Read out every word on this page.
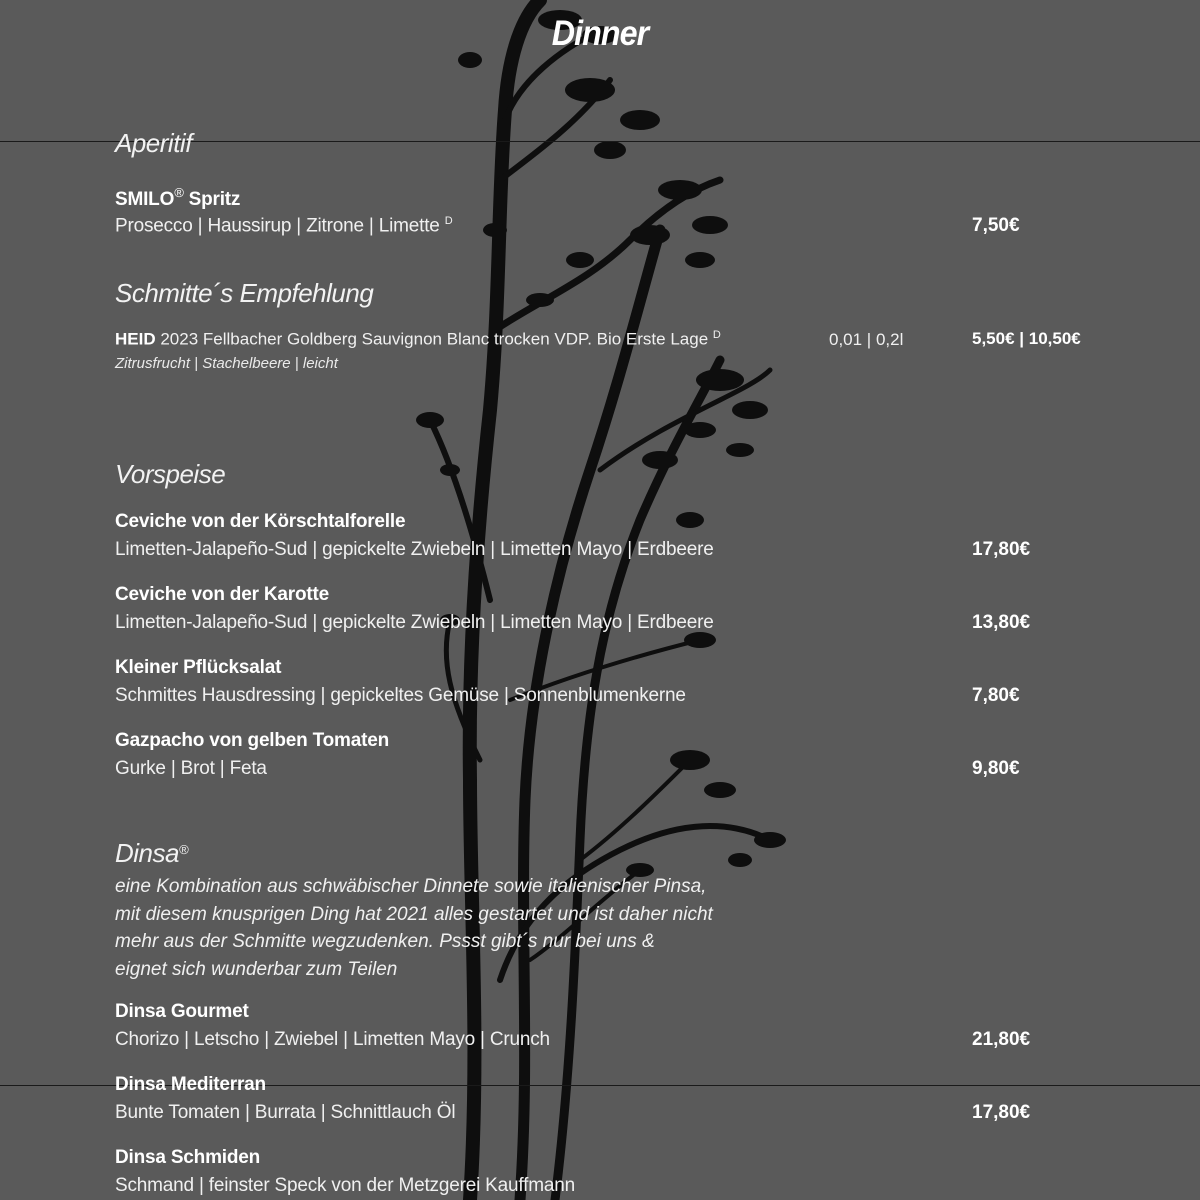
Dinner
Aperitif
SMILO® Spritz
Prosecco | Haussirup | Zitrone | Limette $^D$	7,50€
Schmitte´s Empfehlung
HEID 2023 Fellbacher Goldberg Sauvignon Blanc trocken VDP. Bio Erste Lage $^D$
Zitrusfrucht | Stachelbeere | leicht
0,01 | 0,2l	5,50€ | 10,50€
Vorspeise
Ceviche von der Körschtalforelle
Limetten-Jalapeño-Sud | gepickelte Zwiebeln | Limetten Mayo | Erdbeere	17,80€
Ceviche von der Karotte
Limetten-Jalapeño-Sud | gepickelte Zwiebeln | Limetten Mayo | Erdbeere	13,80€
Kleiner Pflücksalat
Schmittes Hausdressing | gepickeltes Gemüse | Sonnenblumenkerne	7,80€
Gazpacho von gelben Tomaten
Gurke | Brot | Feta	9,80€
Dinsa®
eine Kombination aus schwäbischer Dinnete sowie italienischer Pinsa,
mit diesem knusprigen Ding hat 2021 alles gestartet und ist daher nicht
mehr aus der Schmitte wegzudenken. Pssst gibt´s nur bei uns &
eignet sich wunderbar zum Teilen
Dinsa Gourmet
Chorizo | Letscho | Zwiebel | Limetten Mayo | Crunch	21,80€
Dinsa Mediterran
Bunte Tomaten | Burrata | Schnittlauch Öl	17,80€
Dinsa Schmiden
Schmand | feinster Speck von der Metzgerei Kauffmann
